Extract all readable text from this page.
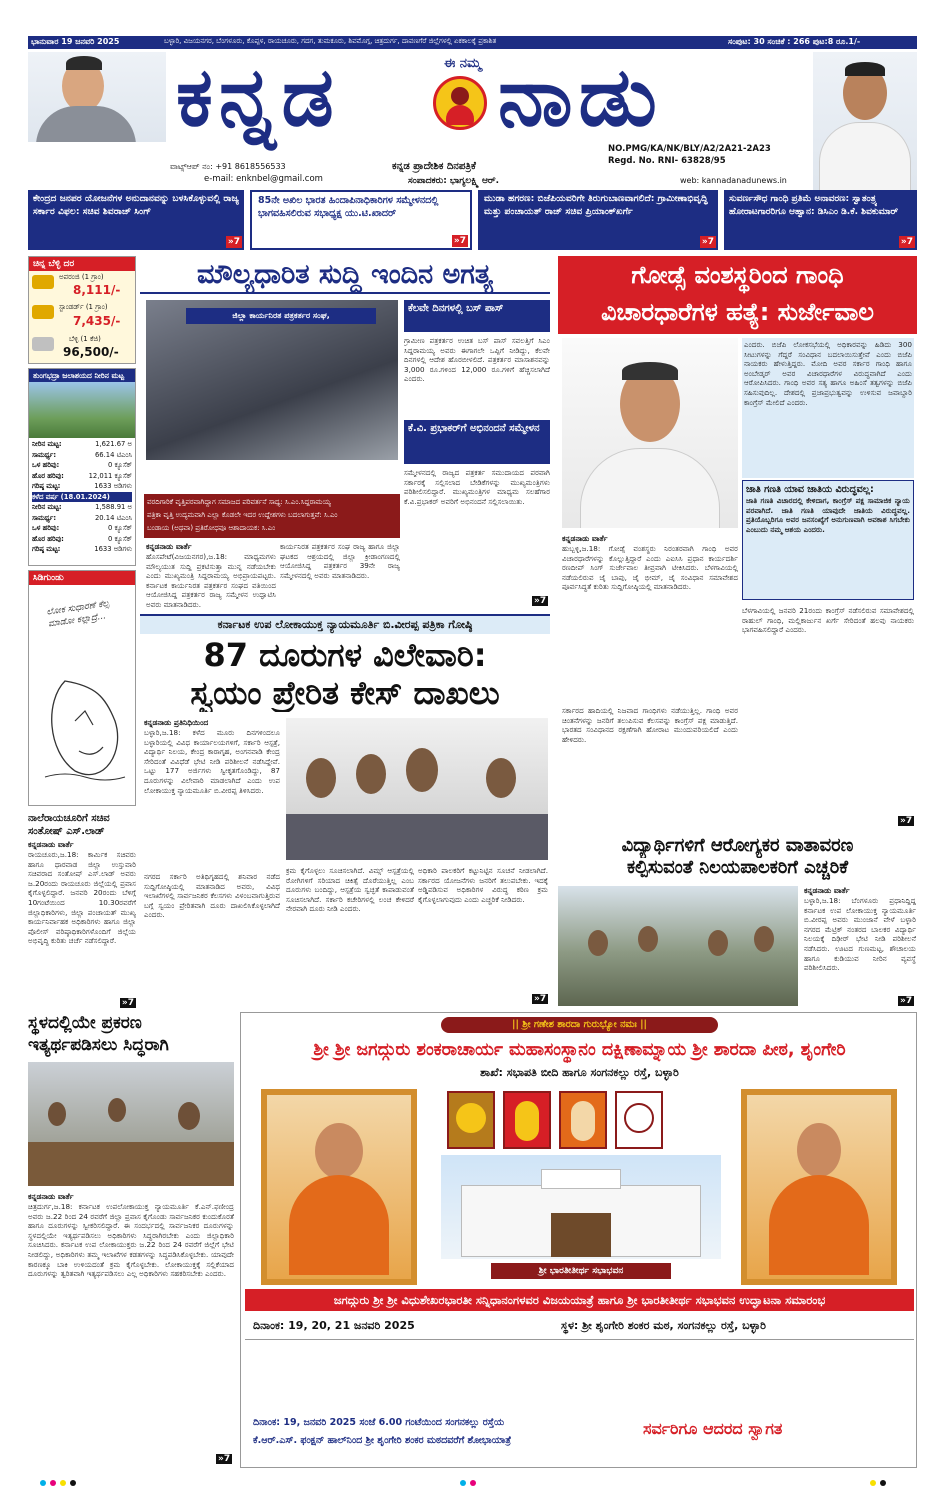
ಭಾನುವಾರ 19 ಜನವರಿ 2025	ಬಳ್ಳಾರಿ, ವಿಜಯನಗರ, ಬೆಂಗಳೂರು, ಕೊಪ್ಪಳ, ರಾಯಚೂರು, ಗದಗ, ತುಮಕೂರು, ಶಿವಮೊಗ್ಗ, ಚಿತ್ರದುರ್ಗ, ದಾವಣಗೆರೆ ಜಿಲ್ಲೆಗಳಲ್ಲಿ ಏಕಕಾಲಕ್ಕೆ ಪ್ರಕಾಶಿತ	ಸಂಪುಟ: 30 ಸಂಚಿಕೆ : 266 ಪುಟ:8 ರೂ.1/-
ಕನ್ನಡ	ಈ ನಮ್ಮ ನಾಡು
ವಾಟ್ಸ್ಆಪ್ ನಂ: +91 8618556533
e-mail: enknbel@gmail.com
ಕನ್ನಡ ಪ್ರಾದೇಶಿಕ ದಿನಪತ್ರಿಕೆ
ಸಂಪಾದಕರು: ಭಾಗ್ಯಲಕ್ಷ್ಮಿ ಆರ್.
NO.PMG/KA/NK/BLY/A2/2A21-2A23
Regd. No. RNI- 63828/95
web: kannadanadunews.in
ಕೇಂದ್ರದ ಜನಪರ ಯೋಜನೆಗಳ ಅನುದಾನವನ್ನು ಬಳಸಿಕೊಳ್ಳುವಲ್ಲಿ ರಾಜ್ಯ ಸರ್ಕಾರ ವಿಫಲ: ಸಚಿವ ಶಿವರಾಜ್ ಸಿಂಗ್
»7
85ನೇ ಅಖಿಲ ಭಾರತ ಹಿಂದಾಪಿನಾಧಿಕಾರಿಗಳ ಸಮ್ಮೇಳನದಲ್ಲಿ ಭಾಗವಹಿಸಲಿರುವ ಸಭಾಧ್ಯಕ್ಷ ಯು.ಟಿ.ಖಾದರ್
»7
ಮುಡಾ ಹಗರಣ: ಬಿಜೆಪಿಯವರಿಗೇ ತಿರುಗುಬಾಣವಾಗಲಿದೆ: ಗ್ರಾಮೀಣಾಭಿವೃದ್ಧಿ ಮತ್ತು ಪಂಚಾಯತ್ ರಾಜ್ ಸಚಿವ ಪ್ರಿಯಾಂಕ್‌ಖರ್ಗೆ
»7
ಸುವರ್ಣಸೌಧ ಗಾಂಧಿ ಪ್ರತಿಮೆ ಅನಾವರಣ: ಸ್ವಾತಂತ್ರ್ಯ ಹೋರಾಟಗಾರರಿಗೂ ಆಹ್ವಾನ: ಡಿಸಿಎಂ ಡಿ.ಕೆ. ಶಿವಕುಮಾರ್
»7
ಚಿನ್ನ ಬೆಳ್ಳಿ ದರ
ಅಪರಂಜಿ (1 ಗ್ರಾಂ)
8,111/-
ಸ್ಟಾಂಡರ್ಡ್ (1 ಗ್ರಾಂ)
7,435/-
ಬೆಳ್ಳಿ (1 ಕೆಜಿ)
96,500/-
ತುಂಗಭದ್ರಾ ಜಲಾಶಯದ ನೀರಿನ ಮಟ್ಟ
ನೀರಿನ ಮಟ್ಟ:	1,621.67 ಅ
ಸಾಮರ್ಥ್ಯ:	66.14 ಟಿಎಂಸಿ
ಒಳ ಹರಿವು:	0 ಕ್ಯೂಸೆಕ್
ಹೊರ ಹರಿವು:	12,011 ಕ್ಯೂಸೆಕ್
ಗರಿಷ್ಠ ಮಟ್ಟ:	1633 ಅಡಿಗಳು
ಕಳೆದ ವರ್ಷ (18.01.2024)
ನೀರಿನ ಮಟ್ಟ:	1,588.91 ಅ
ಸಾಮರ್ಥ್ಯ:	20.14 ಟಿಎಂಸಿ
ಒಳ ಹರಿವು:	0 ಕ್ಯೂಸೆಕ್
ಹೊರ ಹರಿವು:	0 ಕ್ಯೂಸೆಕ್
ಗರಿಷ್ಠ ಮಟ್ಟ:	1633 ಅಡಿಗಳು
ಸಿಡಿಗುಂಡು
ಲೋಕ ಸುಧಾರಣೆ ಕೆಲ್ಸ ಮಾಡೋ ಕಲ್ಲಾದ್ರೆ...
ನಾಲೆರಾಯಚೂರಿಗೆ ಸಚಿವ ಸಂತೋಷ್ ಎಸ್.ಲಾಡ್
ಕನ್ನಡನಾಡು ವಾರ್ತೆ
ರಾಯಚೂರು,ಜ.18: ಕಾರ್ಮಿಕ ಸಚಿವರು ಹಾಗೂ ಧಾರವಾಡ ಜಿಲ್ಲಾ ಉಸ್ತುವಾರಿ ಸಚಿವರಾದ ಸಂತೋಷ್ ಎಸ್.ಲಾಡ್ ಅವರು ಜ.20ರಂದು ರಾಯಚೂರು ಜಿಲ್ಲೆಯಲ್ಲಿ ಪ್ರವಾಸ ಕೈಗೊಳ್ಳಲಿದ್ದಾರೆ. ಜನವರಿ 20ರಂದು ಬೆಳಿಗ್ಗೆ 10ಗಂಟೆಯಿಂದ 10.30ರವರೆಗೆ ಜಿಲ್ಲಾಧಿಕಾರಿಗಳು, ಜಿಲ್ಲಾ ಪಂಚಾಯತ್ ಮುಖ್ಯ ಕಾರ್ಯನಿರ್ವಾಹಕ ಅಧಿಕಾರಿಗಳು ಹಾಗೂ ಜಿಲ್ಲಾ ಪೊಲೀಸ್ ವರಿಷ್ಠಾಧಿಕಾರಿಗಳೊಂದಿಗೆ ಜಿಲ್ಲೆಯ ಅಭಿವೃದ್ಧಿ ಕುರಿತು ಚರ್ಚೆ ನಡೆಸಲಿದ್ದಾರೆ.
»7
ಮೌಲ್ಯಧಾರಿತ ಸುದ್ದಿ ಇಂದಿನ ಅಗತ್ಯ
ಜಿಲ್ಲಾ ಕಾರ್ಯನಿರತ ಪತ್ರಕರ್ತರ ಸಂಘ,
ಕೆಲವೇ ದಿನಗಳಲ್ಲಿ ಬಸ್ ಪಾಸ್
ಗ್ರಾಮೀಣ ಪತ್ರಕರ್ತರ ಉಚಿತ ಬಸ್ ಪಾಸ್ ಸವಲತ್ತಿಗೆ ಸಿಎಂ ಸಿದ್ದರಾಮಯ್ಯ ಅವರು ಈಗಾಗಲೇ ಒಪ್ಪಿಗೆ ನೀಡಿದ್ದು, ಕೆಲವೇ ದಿನಗಳಲ್ಲಿ ಆದೇಶ ಹೊರಬೀಳಲಿದೆ. ಪತ್ರಕರ್ತರ ಮಾಸಾಶನವನ್ನು 3,000 ರೂ.ಗಳಿಂದ 12,000 ರೂ.ಗಳಿಗೆ ಹೆಚ್ಚಿಸಲಾಗಿದೆ ಎಂದರು.
ಕೆ.ವಿ. ಪ್ರಭಾಕರ್‌ಗೆ ಅಭಿನಂದನೆ ಸಮ್ಮೇಳನ
ಸಮ್ಮೇಳನದಲ್ಲಿ ರಾಜ್ಯದ ಪತ್ರಕರ್ತ ಸಮುದಾಯದ ಪರವಾಗಿ ಸರ್ಕಾರಕ್ಕೆ ಸಲ್ಲಿಸಲಾದ ಬೇಡಿಕೆಗಳನ್ನು ಮುಖ್ಯಮಂತ್ರಿಗಳು ಪರಿಶೀಲಿಸಲಿದ್ದಾರೆ. ಮುಖ್ಯಮಂತ್ರಿಗಳ ಮಾಧ್ಯಮ ಸಲಹೆಗಾರ ಕೆ.ವಿ.ಪ್ರಭಾಕರ್ ಅವರಿಗೆ ಅಭಿನಂದನೆ ಸಲ್ಲಿಸಲಾಯಿತು.
ವರದಿಗಾರಿಕೆ ವೃತ್ತಿಪರವಾಗಿದ್ದಾಗ ಸಮಾಜದ ಪರಿವರ್ತನೆ ಸಾಧ್ಯ: ಸಿ.ಎಂ.ಸಿದ್ದರಾಮಯ್ಯ
ಪತ್ರಿಕಾ ವೃತ್ತಿ ಉದ್ಯಮವಾಗಿ ಎಲ್ಲಾ ಕೊಡಲೇ ಇದರ ಉದ್ದೇಶಗಳು ಬದಲಾಗುತ್ತವೆ: ಸಿ.ಎಂ
ಬಂಡಾಯ (ಅಥವಾ) ಪ್ರತಿರೋಧವೂ ಆಶಾದಾಯಕ: ಸಿ.ಎಂ
ಕನ್ನಡನಾಡು ವಾರ್ತೆ
ಹೊಸಪೇಟೆ(ವಿಜಯನಗರ),ಜ.18: ಮಾಧ್ಯಮಗಳು ಮೌಲ್ಯಯುತ ಸುದ್ದಿ ಪ್ರಕಟಿಸುತ್ತಾ ಮುನ್ನ ನಡೆಯಬೇಕು ಎಂದು ಮುಖ್ಯಮಂತ್ರಿ ಸಿದ್ದರಾಮಯ್ಯ ಅಭಿಪ್ರಾಯಪಟ್ಟರು. ಕರ್ನಾಟಕ ಕಾರ್ಯನಿರತ ಪತ್ರಕರ್ತರ ಸಂಘದ ವತಿಯಿಂದ ಆಯೋಜಿಸಿದ್ದ ಪತ್ರಕರ್ತರ ರಾಜ್ಯ ಸಮ್ಮೇಳನ ಉದ್ಘಾಟಿಸಿ ಅವರು ಮಾತನಾಡಿದರು.
ಕಾರ್ಯನಿರತ ಪತ್ರಕರ್ತರ ಸಂಘ ರಾಜ್ಯ ಹಾಗೂ ಜಿಲ್ಲಾ ಘಟಕದ ಆಶ್ರಯದಲ್ಲಿ ಜಿಲ್ಲಾ ಕ್ರೀಡಾಂಗಣದಲ್ಲಿ ಆಯೋಜಿಸಿದ್ದ ಪತ್ರಕರ್ತರ 39ನೇ ರಾಜ್ಯ ಸಮ್ಮೇಳನದಲ್ಲಿ ಅವರು ಮಾತನಾಡಿದರು.
»7
ಗೋಡ್ಸೆ ವಂಶಸ್ಥರಿಂದ ಗಾಂಧಿ
ವಿಚಾರಧಾರೆಗಳ ಹತ್ಯೆ: ಸುರ್ಜೇವಾಲ
ಎಂದರು. ಬಿಜೆಪಿ ಲೋಕಸಭೆಯಲ್ಲಿ ಅಧಿಕಾರವನ್ನು ಹಿಡಿದು 300 ಸೀಟುಗಳನ್ನು ಗೆದ್ದರೆ ಸಂವಿಧಾನ ಬದಲಾಯಿಸುತ್ತೇವೆ ಎಂದು ಬಿಜೆಪಿ ನಾಯಕರು ಹೇಳುತ್ತಿದ್ದರು. ಮೋದಿ ಅವರ ಸರ್ಕಾರ ಗಾಂಧಿ ಹಾಗೂ ಅಂಬೇಡ್ಕರ್ ಅವರ ವಿಚಾರಧಾರೆಗಳ ವಿರುದ್ಧವಾಗಿದೆ ಎಂದು ಆರೋಪಿಸಿದರು. ಗಾಂಧಿ ಅವರ ಸತ್ಯ ಹಾಗೂ ಅಹಿಂಸೆ ತತ್ವಗಳನ್ನು ಬಿಜೆಪಿ ಸಹಿಸುವುದಿಲ್ಲ. ದೇಶದಲ್ಲಿ ಪ್ರಜಾಪ್ರಭುತ್ವವನ್ನು ಉಳಿಸುವ ಜವಾಬ್ದಾರಿ ಕಾಂಗ್ರೆಸ್ ಮೇಲಿದೆ ಎಂದರು.
ಜಾತಿ ಗಣತಿ ಯಾವ ಜಾತಿಯ ವಿರುದ್ಧವಲ್ಲ:
ಜಾತಿ ಗಣತಿ ವಿಚಾರದಲ್ಲಿ ಕೇಳಿದಾಗ, ಕಾಂಗ್ರೆಸ್ ಪಕ್ಷ ಸಾಮಾಜಿಕ ನ್ಯಾಯ ಪರವಾಗಿದೆ. ಜಾತಿ ಗಣತಿ ಯಾವುದೇ ಜಾತಿಯ ವಿರುದ್ಧವಲ್ಲ. ಪ್ರತಿಯೊಬ್ಬರಿಗೂ ಅವರ ಜನಸಂಖ್ಯೆಗೆ ಅನುಗುಣವಾಗಿ ಅವಕಾಶ ಸಿಗಬೇಕು ಎಂಬುದು ನಮ್ಮ ಆಶಯ ಎಂದರು.
ಕನ್ನಡನಾಡು ವಾರ್ತೆ
ಹುಬ್ಬಳ್ಳಿ,ಜ.18: ಗೋಡ್ಸೆ ವಂಶಸ್ಥರು ನಿರಂತರವಾಗಿ ಗಾಂಧಿ ಅವರ ವಿಚಾರಧಾರೆಗಳನ್ನು ಕೊಲ್ಲುತ್ತಿದ್ದಾರೆ ಎಂದು ಎಐಸಿಸಿ ಪ್ರಧಾನ ಕಾರ್ಯದರ್ಶಿ ರಣದೀಪ್ ಸಿಂಗ್ ಸುರ್ಜೇವಾಲ ತೀವ್ರವಾಗಿ ಟೀಕಿಸಿದರು. ಬೆಳಗಾವಿಯಲ್ಲಿ ನಡೆಯಲಿರುವ ಜೈ ಬಾಪು, ಜೈ ಭೀಮ್, ಜೈ ಸಂವಿಧಾನ ಸಮಾವೇಶದ ಪೂರ್ವಸಿದ್ಧತೆ ಕುರಿತು ಸುದ್ದಿಗೋಷ್ಠಿಯಲ್ಲಿ ಮಾತನಾಡಿದರು.
ಸರ್ಕಾರದ ಹಾದಿಯಲ್ಲಿ ನಿಜವಾದ ಗಾಂಧಿಗಳು ನಡೆಯುತ್ತಿಲ್ಲ. ಗಾಂಧಿ ಅವರ ಚಿಂತನೆಗಳನ್ನು ಜನರಿಗೆ ತಲುಪಿಸುವ ಕೆಲಸವನ್ನು ಕಾಂಗ್ರೆಸ್ ಪಕ್ಷ ಮಾಡುತ್ತಿದೆ. ಭಾರತದ ಸಂವಿಧಾನದ ರಕ್ಷಣೆಗಾಗಿ ಹೋರಾಟ ಮುಂದುವರಿಯಲಿದೆ ಎಂದು ಹೇಳಿದರು.
ಬೆಳಗಾವಿಯಲ್ಲಿ ಜನವರಿ 21ರಂದು ಕಾಂಗ್ರೆಸ್ ನಡೆಸಲಿರುವ ಸಮಾವೇಶದಲ್ಲಿ ರಾಹುಲ್ ಗಾಂಧಿ, ಮಲ್ಲಿಕಾರ್ಜುನ ಖರ್ಗೆ ಸೇರಿದಂತೆ ಹಲವು ನಾಯಕರು ಭಾಗವಹಿಸಲಿದ್ದಾರೆ ಎಂದರು.
»7
ಕರ್ನಾಟಕ ಉಪ ಲೋಕಾಯುಕ್ತ ನ್ಯಾಯಮೂರ್ತಿ ಬಿ.ವೀರಪ್ಪ ಪತ್ರಿಕಾ ಗೋಷ್ಠಿ
87 ದೂರುಗಳ ವಿಲೇವಾರಿ:
ಸ್ವಯಂ ಪ್ರೇರಿತ ಕೇಸ್ ದಾಖಲು
ಕನ್ನಡನಾಡು ಪ್ರತಿನಿಧಿಯಿಂದ
ಬಳ್ಳಾರಿ,ಜ.18: ಕಳೆದ ಮೂರು ದಿನಗಳಿಂದಲೂ ಬಳ್ಳಾರಿಯಲ್ಲಿ ವಿವಿಧ ಕಾರ್ಯಾಲಯಗಳಿಗೆ, ಸರ್ಕಾರಿ ಆಸ್ಪತ್ರೆ, ವಿದ್ಯಾರ್ಥಿ ನಿಲಯ, ಕೇಂದ್ರ ಕಾರಾಗೃಹ, ಅಂಗನವಾಡಿ ಕೇಂದ್ರ ಸೇರಿದಂತೆ ವಿವಿಧೆಡೆ ಭೇಟಿ ನೀಡಿ ಪರಿಶೀಲನೆ ನಡೆಸಿದ್ದೇವೆ. ಒಟ್ಟು 177 ಅರ್ಜಿಗಳು ಸ್ವೀಕೃತಗೊಂಡಿದ್ದು, 87 ದೂರುಗಳನ್ನು ವಿಲೇವಾರಿ ಮಾಡಲಾಗಿದೆ ಎಂದು ಉಪ ಲೋಕಾಯುಕ್ತ ನ್ಯಾಯಮೂರ್ತಿ ಬಿ.ವೀರಪ್ಪ ತಿಳಿಸಿದರು.
ನಗರದ ಸರ್ಕಾರಿ ಅತಿಥಿಗೃಹದಲ್ಲಿ ಶನಿವಾರ ನಡೆದ ಸುದ್ದಿಗೋಷ್ಠಿಯಲ್ಲಿ ಮಾತನಾಡಿದ ಅವರು, ವಿವಿಧ ಇಲಾಖೆಗಳಲ್ಲಿ ಸಾರ್ವಜನಿಕರ ಕೆಲಸಗಳು ವಿಳಂಬವಾಗುತ್ತಿರುವ ಬಗ್ಗೆ ಸ್ವಯಂ ಪ್ರೇರಿತವಾಗಿ ದೂರು ದಾಖಲಿಸಿಕೊಳ್ಳಲಾಗಿದೆ ಎಂದರು.
ಕ್ರಮ ಕೈಗೊಳ್ಳಲು ಸೂಚಿಸಲಾಗಿದೆ. ವಿಮ್ಸ್ ಆಸ್ಪತ್ರೆಯಲ್ಲಿ ರೋಗಿಗಳಿಗೆ ಸರಿಯಾದ ಚಿಕಿತ್ಸೆ ದೊರೆಯುತ್ತಿಲ್ಲ ಎಂಬ ದೂರುಗಳು ಬಂದಿದ್ದು, ಆಸ್ಪತ್ರೆಯ ಸ್ವಚ್ಛತೆ ಕಾಪಾಡುವಂತೆ ಸೂಚಿಸಲಾಗಿದೆ. ಸರ್ಕಾರಿ ಕಚೇರಿಗಳಲ್ಲಿ ಲಂಚ ಕೇಳಿದರೆ ನೇರವಾಗಿ ದೂರು ನೀಡಿ ಎಂದರು.
ಅಧಿಕಾರಿ ಪಾಲಕರಿಗೆ ಕಟ್ಟುನಿಟ್ಟಿನ ಸೂಚನೆ ನೀಡಲಾಗಿದೆ. ಸರ್ಕಾರದ ಯೋಜನೆಗಳು ಜನರಿಗೆ ತಲುಪಬೇಕು. ಇದಕ್ಕೆ ಅಡ್ಡಿಪಡಿಸುವ ಅಧಿಕಾರಿಗಳ ವಿರುದ್ಧ ಕಠಿಣ ಕ್ರಮ ಕೈಗೊಳ್ಳಲಾಗುವುದು ಎಂದು ಎಚ್ಚರಿಕೆ ನೀಡಿದರು.
»7
ವಿದ್ಯಾರ್ಥಿಗಳಿಗೆ ಆರೋಗ್ಯಕರ ವಾತಾವರಣ
ಕಲ್ಪಿಸುವಂತೆ ನಿಲಯಪಾಲಕರಿಗೆ ಎಚ್ಚರಿಕೆ
ಕನ್ನಡನಾಡು ವಾರ್ತೆ
ಬಳ್ಳಾರಿ,ಜ.18: ಬೆಂಗಳೂರು ಪ್ರಧಾನಿದ್ದಿದ್ದ ಕರ್ನಾಟಕ ಉಪ ಲೋಕಾಯುಕ್ತ ನ್ಯಾಯಮೂರ್ತಿ ಬಿ.ವೀರಪ್ಪ ಅವರು ಮುಂಜಾನೆ ವೇಳೆ ಬಳ್ಳಾರಿ ನಗರದ ಮೆಟ್ರಿಕ್ ನಂತರದ ಬಾಲಕರ ವಿದ್ಯಾರ್ಥಿ ನಿಲಯಕ್ಕೆ ದಿಢೀರ್ ಭೇಟಿ ನೀಡಿ ಪರಿಶೀಲನೆ ನಡೆಸಿದರು. ಊಟದ ಗುಣಮಟ್ಟ, ಶೌಚಾಲಯ ಹಾಗೂ ಕುಡಿಯುವ ನೀರಿನ ವ್ಯವಸ್ಥೆ ಪರಿಶೀಲಿಸಿದರು.
»7
ಸ್ಥಳದಲ್ಲಿಯೇ ಪ್ರಕರಣ
ಇತ್ಯರ್ಥಪಡಿಸಲು ಸಿದ್ಧರಾಗಿ
ಕನ್ನಡನಾಡು ವಾರ್ತೆ
ಚಿತ್ರದುರ್ಗ,ಜ.18: ಕರ್ನಾಟಕ ಉಪಲೋಕಾಯುಕ್ತ ನ್ಯಾಯಮೂರ್ತಿ ಕೆ.ಎನ್.ಫಣೀಂದ್ರ ಅವರು ಜ.22 ರಿಂದ 24 ರವರೆಗೆ ಜಿಲ್ಲಾ ಪ್ರವಾಸ ಕೈಗೊಂಡು ಸಾರ್ವಜನಿಕರ ಕುಂದುಕೊರತೆ ಹಾಗೂ ದೂರುಗಳನ್ನು ಸ್ವೀಕರಿಸಲಿದ್ದಾರೆ. ಈ ಸಂದರ್ಭದಲ್ಲಿ ಸಾರ್ವಜನಿಕರ ದೂರುಗಳನ್ನು ಸ್ಥಳದಲ್ಲಿಯೇ ಇತ್ಯರ್ಥಪಡಿಸಲು ಅಧಿಕಾರಿಗಳು ಸಿದ್ಧರಾಗಿರಬೇಕು ಎಂದು ಜಿಲ್ಲಾಧಿಕಾರಿ ಸೂಚಿಸಿದರು. ಕರ್ನಾಟಕ ಉಪ ಲೋಕಾಯುಕ್ತರು ಜ.22 ರಿಂದ 24 ರವರೆಗೆ ಜಿಲ್ಲೆಗೆ ಭೇಟಿ ನೀಡಲಿದ್ದು, ಅಧಿಕಾರಿಗಳು ತಮ್ಮ ಇಲಾಖೆಗಳ ಕಡತಗಳನ್ನು ಸಿದ್ಧಪಡಿಸಿಕೊಳ್ಳಬೇಕು. ಯಾವುದೇ ಕಾರಣಕ್ಕೂ ಬಾಕಿ ಉಳಿಯದಂತೆ ಕ್ರಮ ಕೈಗೊಳ್ಳಬೇಕು. ಲೋಕಾಯುಕ್ತಕ್ಕೆ ಸಲ್ಲಿಕೆಯಾದ ದೂರುಗಳನ್ನು ತ್ವರಿತವಾಗಿ ಇತ್ಯರ್ಥಪಡಿಸಲು ಎಲ್ಲ ಅಧಿಕಾರಿಗಳು ಸಹಕರಿಸಬೇಕು ಎಂದರು.
»7
|| ಶ್ರೀ ಗಣೇಶ ಶಾರದಾ ಗುರುಭ್ಯೋ ನಮಃ ||
ಶ್ರೀ ಶ್ರೀ ಜಗದ್ಗುರು ಶಂಕರಾಚಾರ್ಯ ಮಹಾಸಂಸ್ಥಾನಂ ದಕ್ಷಿಣಾಮ್ನಾಯ ಶ್ರೀ ಶಾರದಾ ಪೀಠ, ಶೃಂಗೇರಿ
ಶಾಖೆ: ಸಭಾಪತಿ ಬೀದಿ ಹಾಗೂ ಸಂಗನಕಲ್ಲು ರಸ್ತೆ, ಬಳ್ಳಾರಿ
ಶ್ರೀ ಭಾರತೀತೀರ್ಥ ಸಭಾಭವನ
ಜಗದ್ಗುರು ಶ್ರೀ ಶ್ರೀ ವಿಧುಶೇಖರಭಾರತೀ ಸನ್ನಿಧಾನಂಗಳವರ ವಿಜಯಯಾತ್ರೆ ಹಾಗೂ ಶ್ರೀ ಭಾರತೀತೀರ್ಥ ಸಭಾಭವನ ಉದ್ಘಾಟನಾ ಸಮಾರಂಭ
ದಿನಾಂಕ: 19, 20, 21 ಜನವರಿ 2025	ಸ್ಥಳ: ಶ್ರೀ ಶೃಂಗೇರಿ ಶಂಕರ ಮಠ, ಸಂಗನಕಲ್ಲು ರಸ್ತೆ, ಬಳ್ಳಾರಿ
ದಿನಾಂಕ: 19, ಜನವರಿ 2025 ಸಂಜೆ 6.00 ಗಂಟೆಯಿಂದ ಸಂಗನಕಲ್ಲು ರಸ್ತೆಯ
ಕೆ.ಆರ್.ಎಸ್. ಫಂಕ್ಷನ್ ಹಾಲ್‌ನಿಂದ ಶ್ರೀ ಶೃಂಗೇರಿ ಶಂಕರ ಮಠದವರೆಗೆ ಶೋಭಾಯಾತ್ರೆ
ಸರ್ವರಿಗೂ ಆದರದ ಸ್ವಾಗತ
